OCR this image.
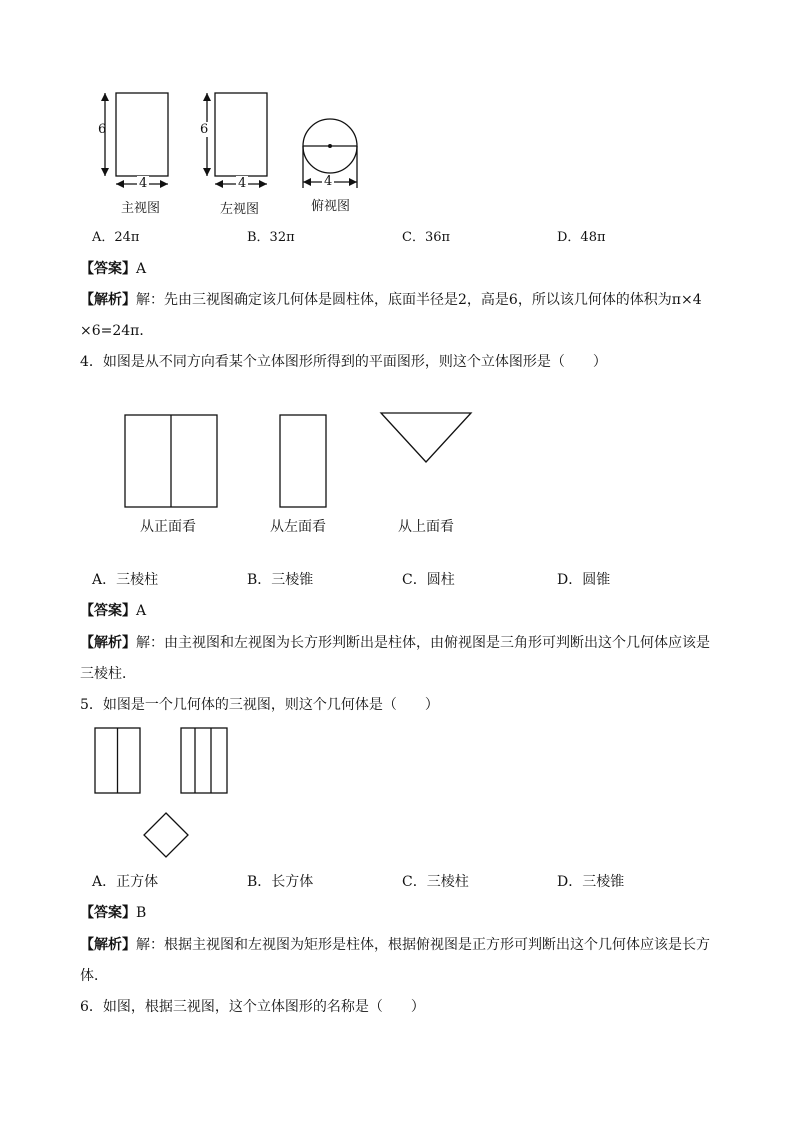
6
4
主视图
6
4
左视图
4
俯视图
A．24π	B．32π	C．36π	D．48π
【答案】A
【解析】解：先由三视图确定该几何体是圆柱体，底面半径是2，高是6，所以该几何体的体积为π×4
×6=24π．
4．如图是从不同方向看某个立体图形所得到的平面图形，则这个立体图形是（　　）
从正面看	从左面看	从上面看
A．三棱柱	B．三棱锥	C．圆柱	D．圆锥
【答案】A
【解析】解：由主视图和左视图为长方形判断出是柱体，由俯视图是三角形可判断出这个几何体应该是
三棱柱．
5．如图是一个几何体的三视图，则这个几何体是（　　）
A．正方体	B．长方体	C．三棱柱	D．三棱锥
【答案】B
【解析】解：根据主视图和左视图为矩形是柱体，根据俯视图是正方形可判断出这个几何体应该是长方
体．
6．如图，根据三视图，这个立体图形的名称是（　　）
